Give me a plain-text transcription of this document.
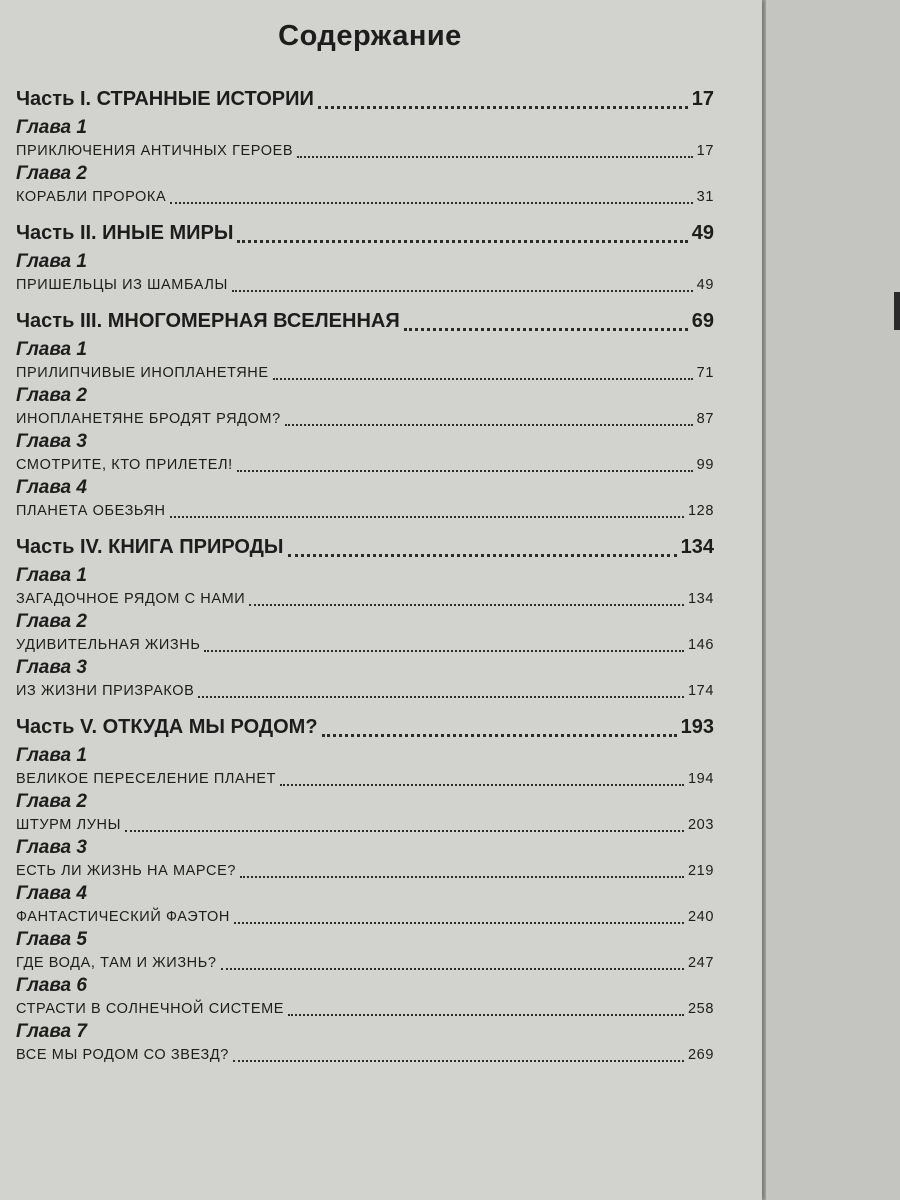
Содержание
Часть I. СТРАННЫЕ ИСТОРИИ	17
Глава 1
ПРИКЛЮЧЕНИЯ АНТИЧНЫХ ГЕРОЕВ	17
Глава 2
КОРАБЛИ ПРОРОКА	31
Часть II. ИНЫЕ МИРЫ	49
Глава 1
ПРИШЕЛЬЦЫ ИЗ ШАМБАЛЫ	49
Часть III. МНОГОМЕРНАЯ ВСЕЛЕННАЯ	69
Глава 1
ПРИЛИПЧИВЫЕ ИНОПЛАНЕТЯНЕ	71
Глава 2
ИНОПЛАНЕТЯНЕ БРОДЯТ РЯДОМ?	87
Глава 3
СМОТРИТЕ, КТО ПРИЛЕТЕЛ!	99
Глава 4
ПЛАНЕТА ОБЕЗЬЯН	128
Часть IV. КНИГА ПРИРОДЫ	134
Глава 1
ЗАГАДОЧНОЕ РЯДОМ С НАМИ	134
Глава 2
УДИВИТЕЛЬНАЯ ЖИЗНЬ	146
Глава 3
ИЗ ЖИЗНИ ПРИЗРАКОВ	174
Часть V. ОТКУДА МЫ РОДОМ?	193
Глава 1
ВЕЛИКОЕ ПЕРЕСЕЛЕНИЕ ПЛАНЕТ	194
Глава 2
ШТУРМ ЛУНЫ	203
Глава 3
ЕСТЬ ЛИ ЖИЗНЬ НА МАРСЕ?	219
Глава 4
ФАНТАСТИЧЕСКИЙ ФАЭТОН	240
Глава 5
ГДЕ ВОДА, ТАМ И ЖИЗНЬ?	247
Глава 6
СТРАСТИ В СОЛНЕЧНОЙ СИСТЕМЕ	258
Глава 7
ВСЕ МЫ РОДОМ СО ЗВЕЗД?	269
